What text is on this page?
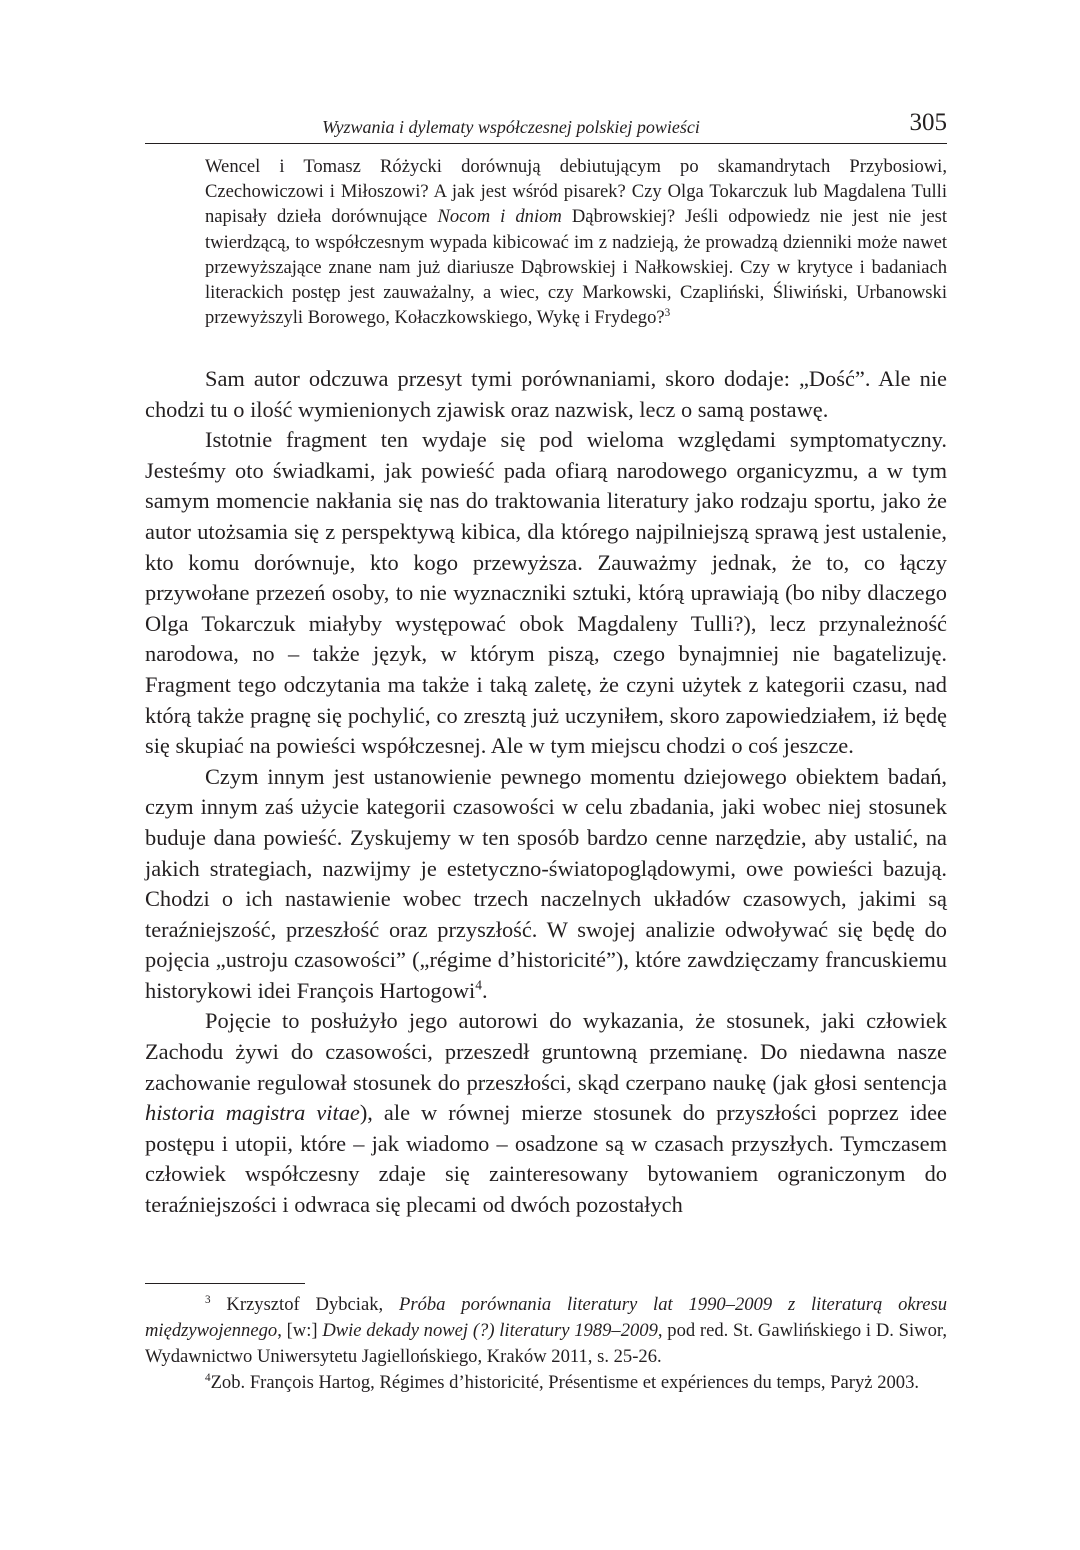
Wyzwania i dylematy współczesnej polskiej powieści	305

Wencel i Tomasz Różycki dorównują debiutującym po skamandrytach Przybosiowi, Czechowiczowi i Miłoszowi? A jak jest wśród pisarek? Czy Olga Tokarczuk lub Magdalena Tulli napisały dzieła dorównujące Nocom i dniom Dąbrowskiej? Jeśli odpowiedz nie jest nie jest twierdzącą, to współczesnym wypada kibicować im z nadzieją, że prowadzą dzienniki może nawet przewyższające znane nam już diariusze Dąbrowskiej i Nałkowskiej. Czy w krytyce i badaniach literackich postęp jest zauważalny, a wiec, czy Markowski, Czapliński, Śliwiński, Urbanowski przewyższyli Borowego, Kołaczkowskiego, Wykę i Frydego?$^3$

Sam autor odczuwa przesyt tymi porównaniami, skoro dodaje: „Dość”. Ale nie chodzi tu o ilość wymienionych zjawisk oraz nazwisk, lecz o samą postawę.

Istotnie fragment ten wydaje się pod wieloma względami symptomatyczny. Jesteśmy oto świadkami, jak powieść pada ofiarą narodowego organicyzmu, a w tym samym momencie nakłania się nas do traktowania literatury jako rodzaju sportu, jako że autor utożsamia się z perspektywą kibica, dla którego najpilniejszą sprawą jest ustalenie, kto komu dorównuje, kto kogo przewyższa. Zauważmy jednak, że to, co łączy przywołane przezeń osoby, to nie wyznaczniki sztuki, którą uprawiają (bo niby dlaczego Olga Tokarczuk miałyby występować obok Magdaleny Tulli?), lecz przynależność narodowa, no – także język, w którym piszą, czego bynajmniej nie bagatelizuję. Fragment tego odczytania ma także i taką zaletę, że czyni użytek z kategorii czasu, nad którą także pragnę się pochylić, co zresztą już uczyniłem, skoro zapowiedziałem, iż będę się skupiać na powieści współczesnej. Ale w tym miejscu chodzi o coś jeszcze.

Czym innym jest ustanowienie pewnego momentu dziejowego obiektem badań, czym innym zaś użycie kategorii czasowości w celu zbadania, jaki wobec niej stosunek buduje dana powieść. Zyskujemy w ten sposób bardzo cenne narzędzie, aby ustalić, na jakich strategiach, nazwijmy je estetyczno-światopoglądowymi, owe powieści bazują. Chodzi o ich nastawienie wobec trzech naczelnych układów czasowych, jakimi są teraźniejszość, przeszłość oraz przyszłość. W swojej analizie odwoływać się będę do pojęcia „ustroju czasowości” („régime d’historicité”), które zawdzięczamy francuskiemu historykowi idei François Hartogowi$^4$.

Pojęcie to posłużyło jego autorowi do wykazania, że stosunek, jaki człowiek Zachodu żywi do czasowości, przeszedł gruntowną przemianę. Do niedawna nasze zachowanie regulował stosunek do przeszłości, skąd czerpano naukę (jak głosi sentencja historia magistra vitae), ale w równej mierze stosunek do przyszłości poprzez idee postępu i utopii, które – jak wiadomo – osadzone są w czasach przyszłych. Tymczasem człowiek współczesny zdaje się zainteresowany bytowaniem ograniczonym do teraźniejszości i odwraca się plecami od dwóch pozostałych

$^3$ Krzysztof Dybciak, Próba porównania literatury lat 1990–2009 z literaturą okresu międzywojennego, [w:] Dwie dekady nowej (?) literatury 1989–2009, pod red. St. Gawlińskiego i D. Siwor, Wydawnictwo Uniwersytetu Jagiellońskiego, Kraków 2011, s. 25-26.

$^4$Zob. François Hartog, Régimes d’historicité, Présentisme et expériences du temps, Paryż 2003.
